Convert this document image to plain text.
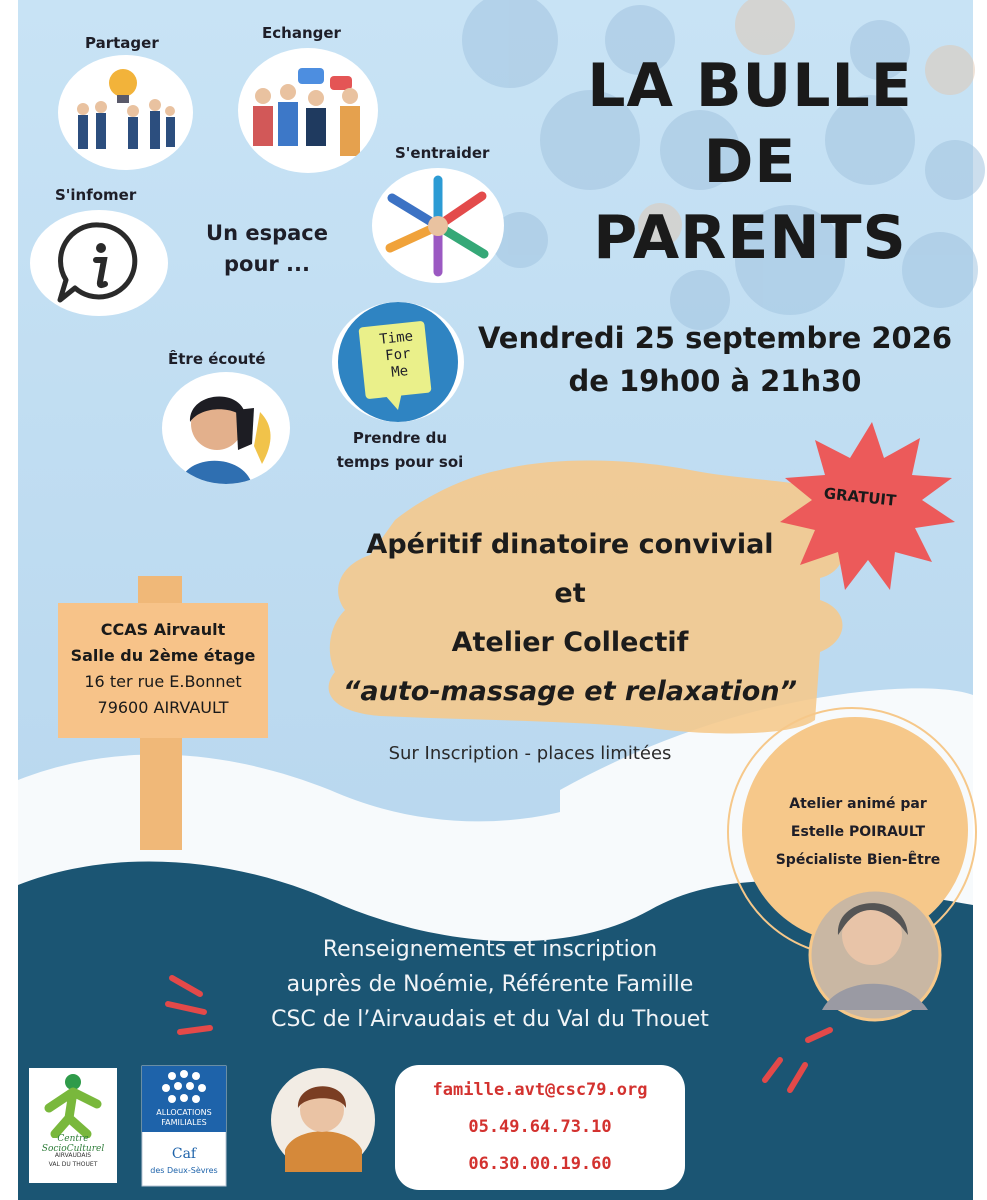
LA BULLE
DE
PARENTS
Partager
Echanger
S'entraider
S'infomer
Un espace
pour ...
Time
For
Me
Prendre du
temps pour soi
Être écouté
Vendredi 25 septembre 2026
de 19h00 à 21h30
GRATUIT
Apéritif dinatoire convivial
et
Atelier Collectif
“auto-massage et relaxation”
Sur Inscription - places limitées
CCAS Airvault
Salle du 2ème étage
16 ter rue E.Bonnet
79600 AIRVAULT
Atelier animé par
Estelle POIRAULT
Spécialiste Bien-Être
Renseignements et inscription
auprès de Noémie, Référente Famille
CSC de l’Airvaudais et du Val du Thouet
famille.avt@csc79.org
05.49.64.73.10
06.30.00.19.60
Centre SocioCulturel
AIRVAUDAIS
VAL DU THOUET
ALLOCATIONS
FAMILIALES
Caf
des Deux-Sèvres
